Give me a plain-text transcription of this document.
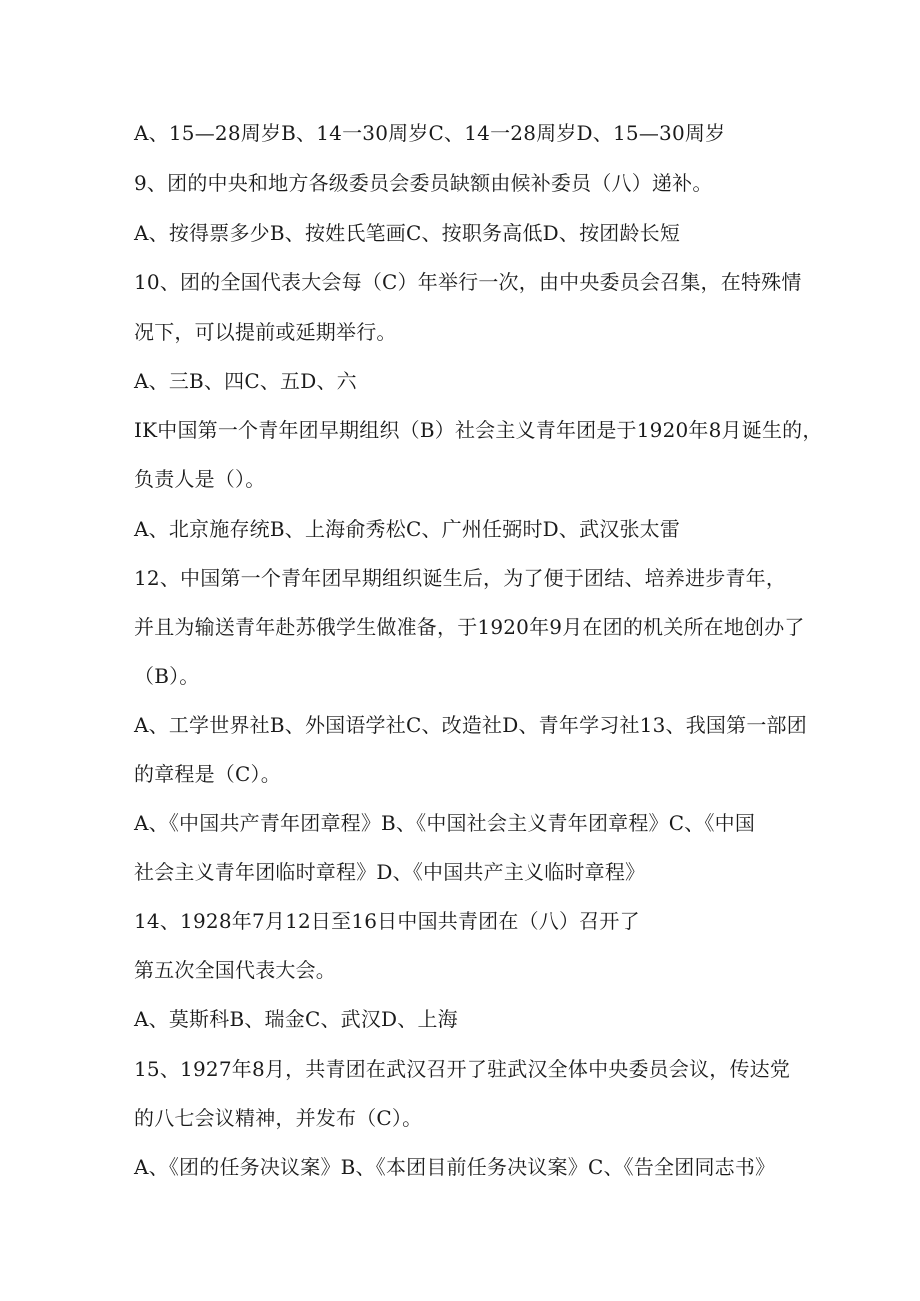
A、15—28周岁B、14一30周岁C、14一28周岁D、15—30周岁
9、团的中央和地方各级委员会委员缺额由候补委员（八）递补。
A、按得票多少B、按姓氏笔画C、按职务高低D、按团龄长短
10、团的全国代表大会每（C）年举行一次，由中央委员会召集，在特殊情
况下，可以提前或延期举行。
A、三B、四C、五D、六
IK中国第一个青年团早期组织（B）社会主义青年团是于1920年8月诞生的，
负责人是（）。
A、北京施存统B、上海俞秀松C、广州任弼时D、武汉张太雷
12、中国第一个青年团早期组织诞生后，为了便于团结、培养进步青年，
并且为输送青年赴苏俄学生做准备，于1920年9月在团的机关所在地创办了
（B）。
A、工学世界社B、外国语学社C、改造社D、青年学习社13、我国第一部团
的章程是（C）。
A、《中国共产青年团章程》B、《中国社会主义青年团章程》C、《中国
社会主义青年团临时章程》D、《中国共产主义临时章程》
14、1928年7月12日至16日中国共青团在（八）召开了
第五次全国代表大会。
A、莫斯科B、瑞金C、武汉D、上海
15、1927年8月，共青团在武汉召开了驻武汉全体中央委员会议，传达党
的八七会议精神，并发布（C）。
A、《团的任务决议案》B、《本团目前任务决议案》C、《告全团同志书》
